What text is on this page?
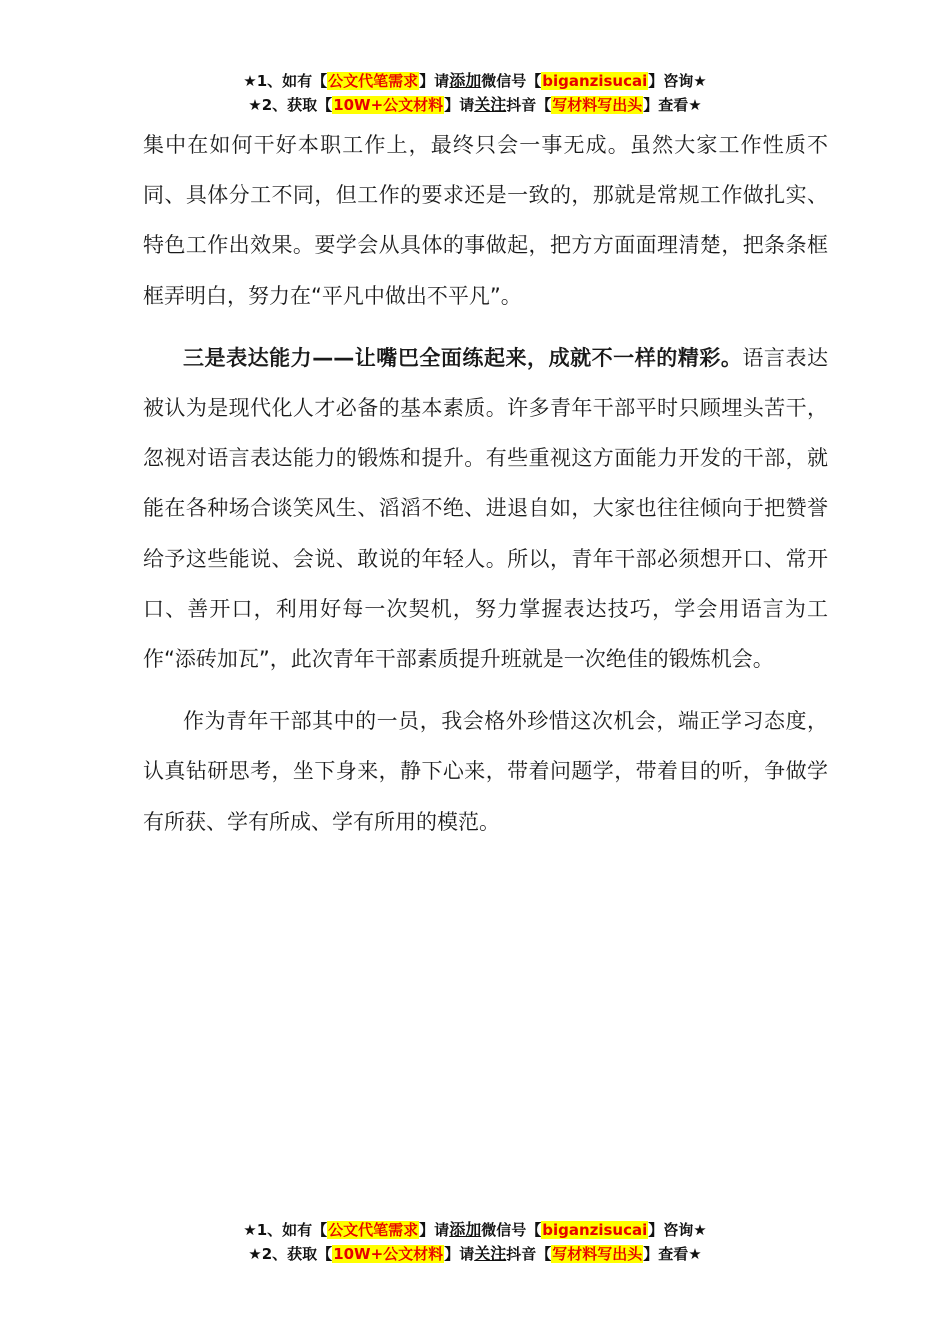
★1、如有【公文代笔需求】请添加微信号【biganzisucai】咨询★
★2、获取【10W+公文材料】请关注抖音【写材料写出头】查看★

集中在如何干好本职工作上，最终只会一事无成。虽然大家工作性质不同、具体分工不同，但工作的要求还是一致的，那就是常规工作做扎实、特色工作出效果。要学会从具体的事做起，把方方面面理清楚，把条条框框弄明白，努力在“平凡中做出不平凡”。

三是表达能力——让嘴巴全面练起来，成就不一样的精彩。语言表达被认为是现代化人才必备的基本素质。许多青年干部平时只顾埋头苦干，忽视对语言表达能力的锻炼和提升。有些重视这方面能力开发的干部，就能在各种场合谈笑风生、滔滔不绝、进退自如，大家也往往倾向于把赞誉给予这些能说、会说、敢说的年轻人。所以，青年干部必须想开口、常开口、善开口，利用好每一次契机，努力掌握表达技巧，学会用语言为工作“添砖加瓦”，此次青年干部素质提升班就是一次绝佳的锻炼机会。

作为青年干部其中的一员，我会格外珍惜这次机会，端正学习态度，认真钻研思考，坐下身来，静下心来，带着问题学，带着目的听，争做学有所获、学有所成、学有所用的模范。

★1、如有【公文代笔需求】请添加微信号【biganzisucai】咨询★
★2、获取【10W+公文材料】请关注抖音【写材料写出头】查看★
